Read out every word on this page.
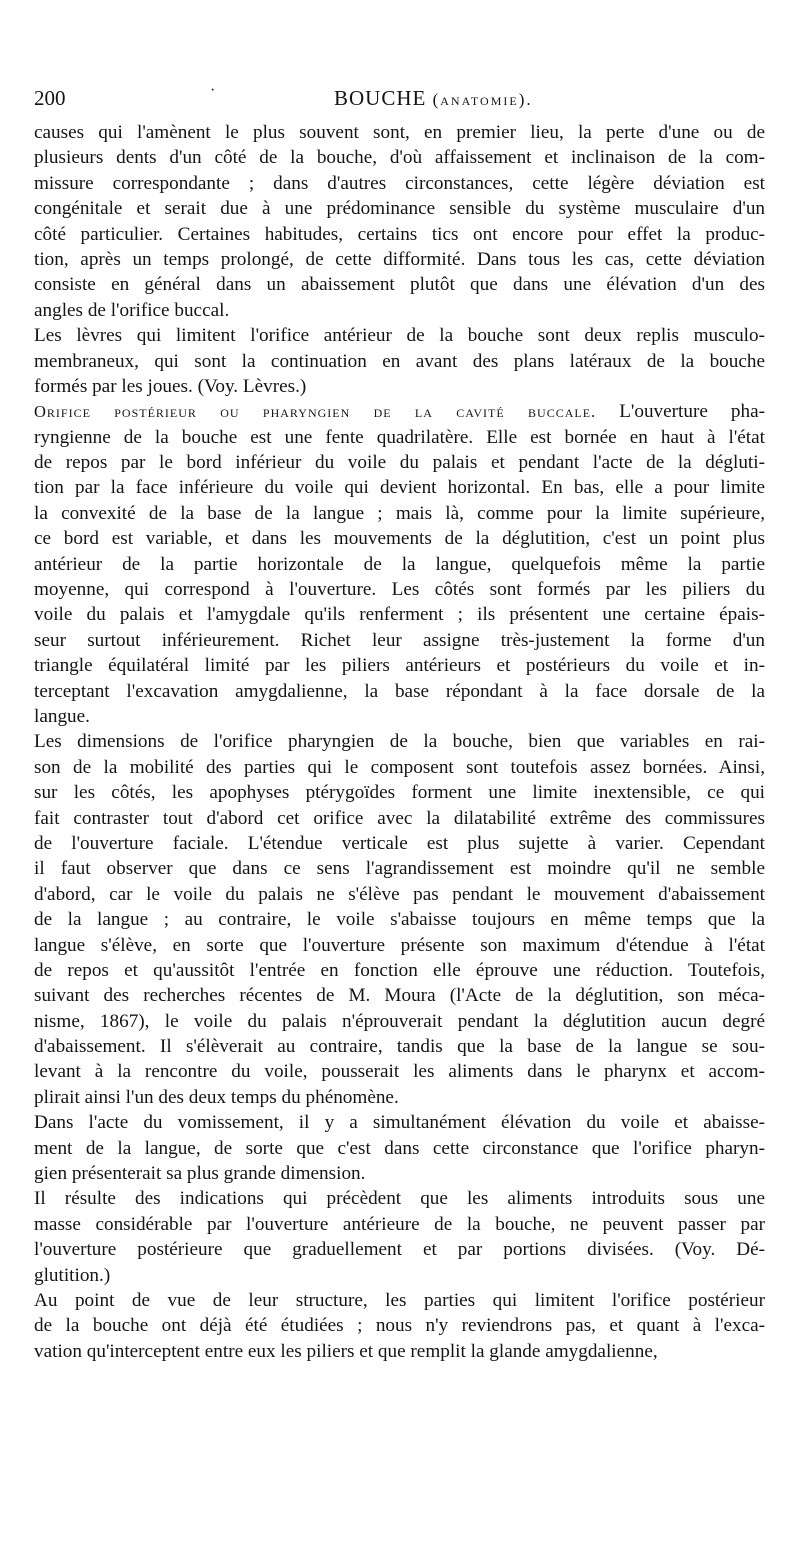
200	·	BOUCHE (anatomie).
causes qui l'amènent le plus souvent sont, en premier lieu, la perte d'une ou de
plusieurs dents d'un côté de la bouche, d'où affaissement et inclinaison de la com-
missure correspondante ; dans d'autres circonstances, cette légère déviation est
congénitale et serait due à une prédominance sensible du système musculaire d'un
côté particulier. Certaines habitudes, certains tics ont encore pour effet la produc-
tion, après un temps prolongé, de cette difformité. Dans tous les cas, cette déviation
consiste en général dans un abaissement plutôt que dans une élévation d'un des
angles de l'orifice buccal.
Les lèvres qui limitent l'orifice antérieur de la bouche sont deux replis musculo-
membraneux, qui sont la continuation en avant des plans latéraux de la bouche
formés par les joues. (Voy. Lèvres.)
Orifice postérieur ou pharyngien de la cavité buccale. L'ouverture pha-
ryngienne de la bouche est une fente quadrilatère. Elle est bornée en haut à l'état
de repos par le bord inférieur du voile du palais et pendant l'acte de la dégluti-
tion par la face inférieure du voile qui devient horizontal. En bas, elle a pour limite
la convexité de la base de la langue ; mais là, comme pour la limite supérieure,
ce bord est variable, et dans les mouvements de la déglutition, c'est un point plus
antérieur de la partie horizontale de la langue, quelquefois même la partie
moyenne, qui correspond à l'ouverture. Les côtés sont formés par les piliers du
voile du palais et l'amygdale qu'ils renferment ; ils présentent une certaine épais-
seur surtout inférieurement. Richet leur assigne très-justement la forme d'un
triangle équilatéral limité par les piliers antérieurs et postérieurs du voile et in-
terceptant l'excavation amygdalienne, la base répondant à la face dorsale de la
langue.
Les dimensions de l'orifice pharyngien de la bouche, bien que variables en rai-
son de la mobilité des parties qui le composent sont toutefois assez bornées. Ainsi,
sur les côtés, les apophyses ptérygoïdes forment une limite inextensible, ce qui
fait contraster tout d'abord cet orifice avec la dilatabilité extrême des commissures
de l'ouverture faciale. L'étendue verticale est plus sujette à varier. Cependant
il faut observer que dans ce sens l'agrandissement est moindre qu'il ne semble
d'abord, car le voile du palais ne s'élève pas pendant le mouvement d'abaissement
de la langue ; au contraire, le voile s'abaisse toujours en même temps que la
langue s'élève, en sorte que l'ouverture présente son maximum d'étendue à l'état
de repos et qu'aussitôt l'entrée en fonction elle éprouve une réduction. Toutefois,
suivant des recherches récentes de M. Moura (l'Acte de la déglutition, son méca-
nisme, 1867), le voile du palais n'éprouverait pendant la déglutition aucun degré
d'abaissement. Il s'élèverait au contraire, tandis que la base de la langue se sou-
levant à la rencontre du voile, pousserait les aliments dans le pharynx et accom-
plirait ainsi l'un des deux temps du phénomène.
Dans l'acte du vomissement, il y a simultanément élévation du voile et abaisse-
ment de la langue, de sorte que c'est dans cette circonstance que l'orifice pharyn-
gien présenterait sa plus grande dimension.
Il résulte des indications qui précèdent que les aliments introduits sous une
masse considérable par l'ouverture antérieure de la bouche, ne peuvent passer par
l'ouverture postérieure que graduellement et par portions divisées. (Voy. Dé-
glutition.)
Au point de vue de leur structure, les parties qui limitent l'orifice postérieur
de la bouche ont déjà été étudiées ; nous n'y reviendrons pas, et quant à l'exca-
vation qu'interceptent entre eux les piliers et que remplit la glande amygdalienne,
